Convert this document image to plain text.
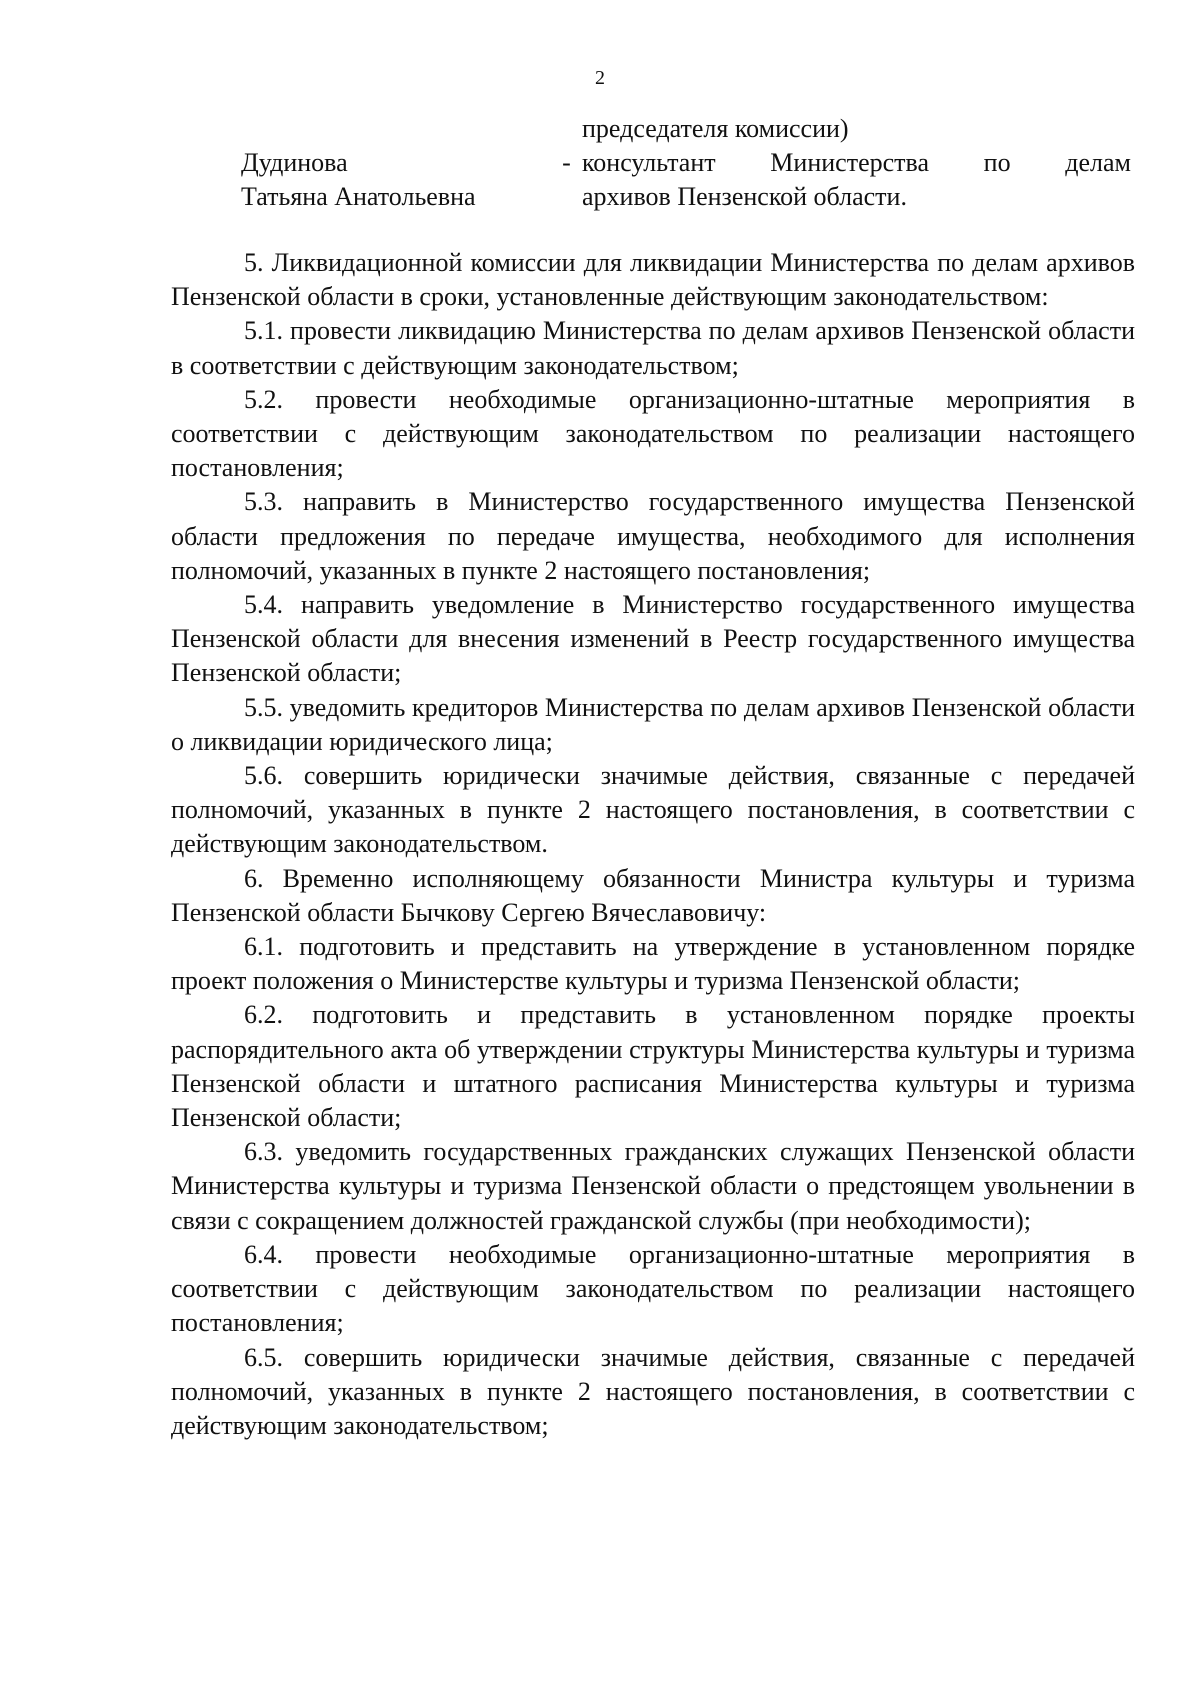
2
председателя комиссии)
Дудинова
Татьяна Анатольевна
- консультант Министерства по делам
архивов Пензенской области.

5. Ликвидационной комиссии для ликвидации Министерства по делам архивов Пензенской области в сроки, установленные действующим законодательством:

5.1. провести ликвидацию Министерства по делам архивов Пензенской области в соответствии с действующим законодательством;

5.2. провести необходимые организационно-штатные мероприятия в соответствии с действующим законодательством по реализации настоящего постановления;

5.3. направить в Министерство государственного имущества Пензенской области предложения по передаче имущества, необходимого для исполнения полномочий, указанных в пункте 2 настоящего постановления;

5.4. направить уведомление в Министерство государственного имущества Пензенской области для внесения изменений в Реестр государственного имущества Пензенской области;

5.5. уведомить кредиторов Министерства по делам архивов Пензенской области о ликвидации юридического лица;

5.6. совершить юридически значимые действия, связанные с передачей полномочий, указанных в пункте 2 настоящего постановления, в соответствии с действующим законодательством.

6. Временно исполняющему обязанности Министра культуры и туризма Пензенской области Бычкову Сергею Вячеславовичу:

6.1. подготовить и представить на утверждение в установленном порядке проект положения о Министерстве культуры и туризма Пензенской области;

6.2. подготовить и представить в установленном порядке проекты распорядительного акта об утверждении структуры Министерства культуры и туризма Пензенской области и штатного расписания Министерства культуры и туризма Пензенской области;

6.3. уведомить государственных гражданских служащих Пензенской области Министерства культуры и туризма Пензенской области о предстоящем увольнении в связи с сокращением должностей гражданской службы (при необходимости);

6.4. провести необходимые организационно-штатные мероприятия в соответствии с действующим законодательством по реализации настоящего постановления;

6.5. совершить юридически значимые действия, связанные с передачей полномочий, указанных в пункте 2 настоящего постановления, в соответствии с действующим законодательством;
